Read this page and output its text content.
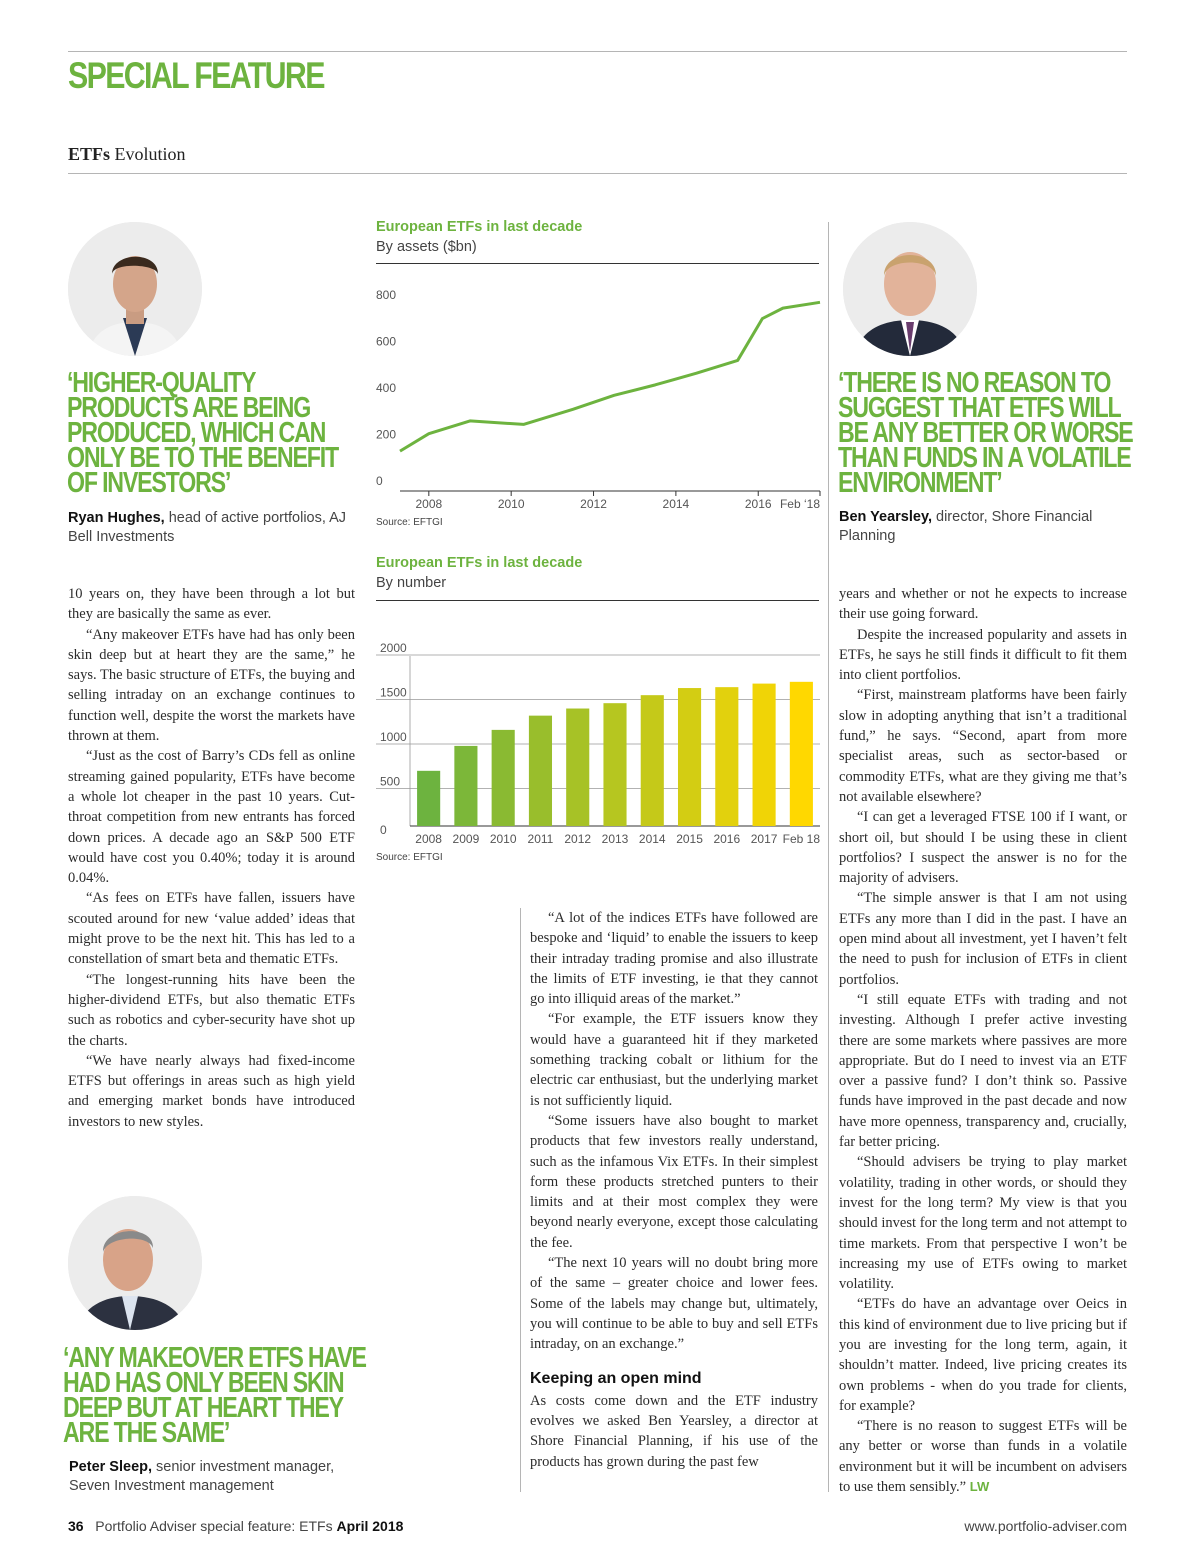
SPECIAL FEATURE
ETFs Evolution
‘HIGHER-QUALITY
PRODUCTS ARE BEING
PRODUCED, WHICH CAN
ONLY BE TO THE BENEFIT
OF INVESTORS’
Ryan Hughes, head of active portfolios, AJ Bell Investments
European ETFs in last decade
By assets ($bn)
0
200
400
600
800
2008	2010	2012	2014	2016 Feb ‘18
Source: EFTGI
European ETFs in last decade
By number
0
500
1000
1500
2000
2008 2009 2010 2011 2012 2013 2014 2015 2016 2017 Feb 18
Source: EFTGI
‘THERE IS NO REASON TO
SUGGEST THAT ETFS WILL
BE ANY BETTER OR WORSE
THAN FUNDS IN A VOLATILE
ENVIRONMENT’
Ben Yearsley, director, Shore Financial Planning

10 years on, they have been through a lot but they are basically the same as ever.

“Any makeover ETFs have had has only been skin deep but at heart they are the same,” he says. The basic structure of ETFs, the buying and selling intraday on an exchange continues to function well, despite the worst the markets have thrown at them.

“Just as the cost of Barry’s CDs fell as online streaming gained popularity, ETFs have become a whole lot cheaper in the past 10 years. Cut-throat competition from new entrants has forced down prices. A decade ago an S&P 500 ETF would have cost you 0.40%; today it is around 0.04%.

“As fees on ETFs have fallen, issuers have scouted around for new ‘value added’ ideas that might prove to be the next hit. This has led to a constellation of smart beta and thematic ETFs.

“The longest-running hits have been the higher-dividend ETFs, but also thematic ETFs such as robotics and cyber-security have shot up the charts.

“We have nearly always had fixed-income ETFS but offerings in areas such as high yield and emerging market bonds have introduced investors to new styles.

‘ANY MAKEOVER ETFS HAVE
HAD HAS ONLY BEEN SKIN
DEEP BUT AT HEART THEY
ARE THE SAME’
Peter Sleep, senior investment manager, Seven Investment management

“A lot of the indices ETFs have followed are bespoke and ‘liquid’ to enable the issuers to keep their intraday trading promise and also illustrate the limits of ETF investing, ie that they cannot go into illiquid areas of the market.”

“For example, the ETF issuers know they would have a guaranteed hit if they marketed something tracking cobalt or lithium for the electric car enthusiast, but the underlying market is not sufficiently liquid.

“Some issuers have also bought to market products that few investors really understand, such as the infamous Vix ETFs. In their simplest form these products stretched punters to their limits and at their most complex they were beyond nearly everyone, except those calculating the fee.

“The next 10 years will no doubt bring more of the same – greater choice and lower fees. Some of the labels may change but, ultimately, you will continue to be able to buy and sell ETFs intraday, on an exchange.”

Keeping an open mind

As costs come down and the ETF industry evolves we asked Ben Yearsley, a director at Shore Financial Planning, if his use of the products has grown during the past few

years and whether or not he expects to increase their use going forward.

Despite the increased popularity and assets in ETFs, he says he still finds it difficult to fit them into client portfolios.

“First, mainstream platforms have been fairly slow in adopting anything that isn’t a traditional fund,” he says. “Second, apart from more specialist areas, such as sector-based or commodity ETFs, what are they giving me that’s not available elsewhere?

“I can get a leveraged FTSE 100 if I want, or short oil, but should I be using these in client portfolios? I suspect the answer is no for the majority of advisers.

“The simple answer is that I am not using ETFs any more than I did in the past. I have an open mind about all investment, yet I haven’t felt the need to push for inclusion of ETFs in client portfolios.

“I still equate ETFs with trading and not investing. Although I prefer active investing there are some markets where passives are more appropriate. But do I need to invest via an ETF over a passive fund? I don’t think so. Passive funds have improved in the past decade and now have more openness, transparency and, crucially, far better pricing.

“Should advisers be trying to play market volatility, trading in other words, or should they invest for the long term? My view is that you should invest for the long term and not attempt to time markets. From that perspective I won’t be increasing my use of ETFs owing to market volatility.

“ETFs do have an advantage over Oeics in this kind of environment due to live pricing but if you are investing for the long term, again, it shouldn’t matter. Indeed, live pricing creates its own problems - when do you trade for clients, for example?

“There is no reason to suggest ETFs will be any better or worse than funds in a volatile environment but it will be incumbent on advisers to use them sensibly.” LW

36 Portfolio Adviser special feature: ETFs April 2018	www.portfolio-adviser.com
